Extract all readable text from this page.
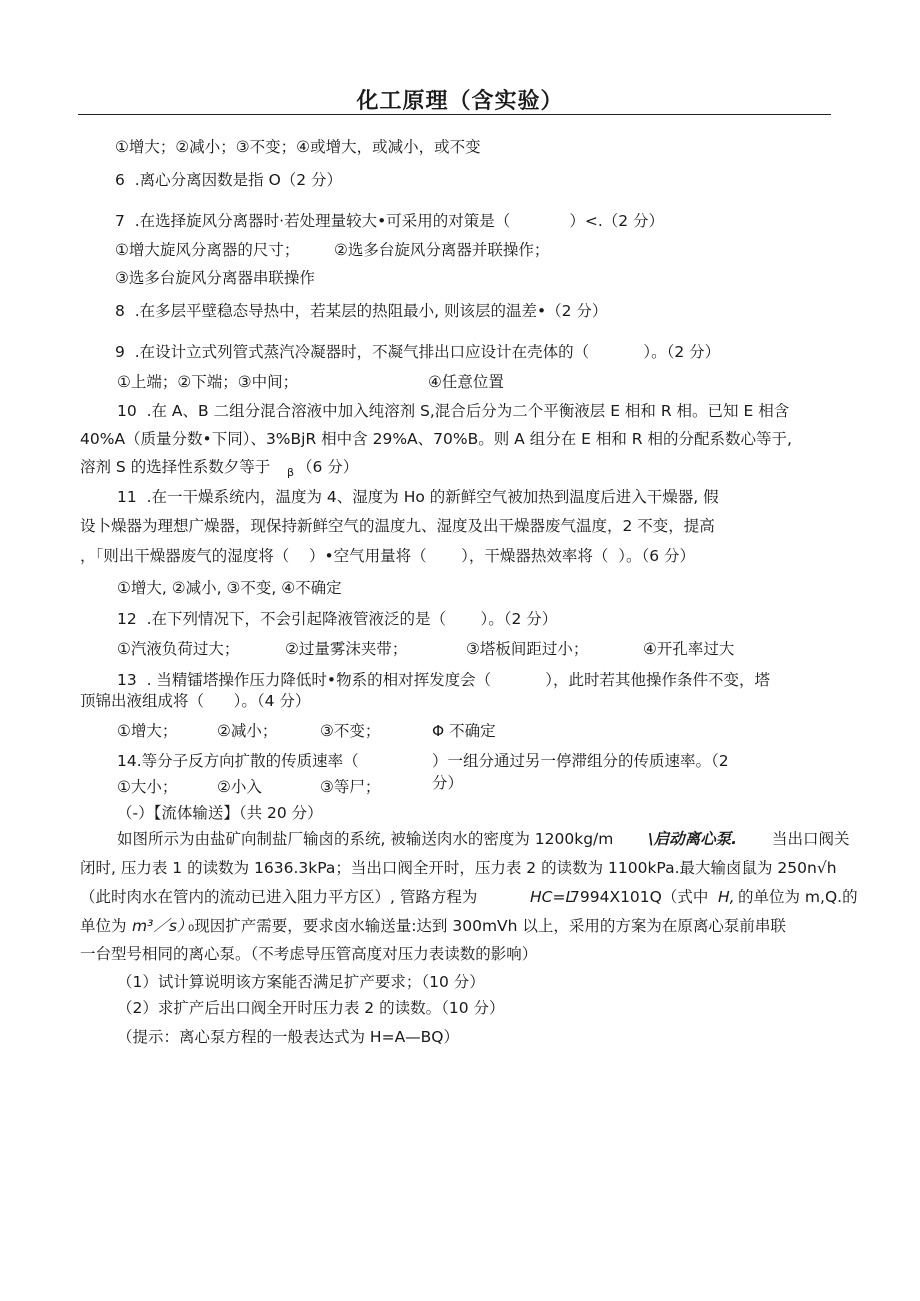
化工原理（含实验）
①增大；②减小；③不变；④或增大，或减小，或不变
6  .离心分离因数是指 O（2 分）
7  .在选择旋风分离器时·若处理量较大•可采用的对策是（            ）<.（2 分）
①增大旋风分离器的尺寸； ②选多台旋风分离器并联操作；
③选多台旋风分离器串联操作
8  .在多层平壁稳态导热中，若某层的热阻最小, 则该层的温差•（2 分）
9  .在设计立式列管式蒸汽冷凝器时，不凝气排出口应设计在壳体的（           ）。（2 分）
①上端；②下端；③中间；	④任意位置
10  .在 A、B 二组分混合溶液中加入纯溶剂 S,混合后分为二个平衡液层 E 相和 R 相。已知 E 相含
40%A（质量分数•下同）、3%BjR 相中含 29%A、70%B。则 A 组分在 E 相和 R 相的分配系数心等于,
溶剂 S 的选择性系数夕等于 β （6 分）
11  .在一干燥系统内，温度为 4、湿度为 Ho 的新鲜空气被加热到温度后进入干燥器, 假
设卜燥器为理想广燥器，现保持新鲜空气的温度九、湿度及出干燥器废气温度，2 不变，提高
，「则出干燥器废气的湿度将（    ）•空气用量将（       ），干燥器热效率将（  ）。（6 分）
①增大, ②减小, ③不变, ④不确定
12  .在下列情况下，不会引起降液管液泛的是（       ）。（2 分）
①汽液负荷过大；	②过量雾沫夹带；	③塔板间距过小；	④开孔率过大
13  . 当精镭塔操作压力降低时•物系的相对挥发度会（           ），此时若其他操作条件不变，塔
顶锦出液组成将（      ）。（4 分）
①增大；	②减小；	③不变；	Φ 不确定
14.等分子反方向扩散的传质速率（	）一组分通过另一停滞组分的传质速率。（2
①大小；	②小入	③等尸；	分）
（-）【流体输送】（共 20 分）
如图所示为由盐矿向制盐厂输卤的系统, 被输送肉水的密度为 1200kg∕m \启动离心泵. 当出口阀关
闭时, 压力表 1 的读数为 1636.3kPa；当出口阀全开时，压力表 2 的读数为 1100kPa.最大输卤鼠为 250n√h
（此时肉水在管内的流动已进入阻力平方区）, 管路方程为	HC=L
7994X101Q（式中 H, 的单位为 m,Q.的
单位为 m³／s）
₀现因扩产需要，要求卤水输送量:达到 300mVh 以上，采用的方案为在原离心泵前串联
一台型号相同的离心泵。（不考虑导压管高度对压力表读数的影响）
（1）试计算说明该方案能否满足扩产要求；（10 分）
（2）求扩产后出口阀全开时压力表 2 的读数。（10 分）
（提示：离心泵方程的一般表达式为 H=A—BQ）
